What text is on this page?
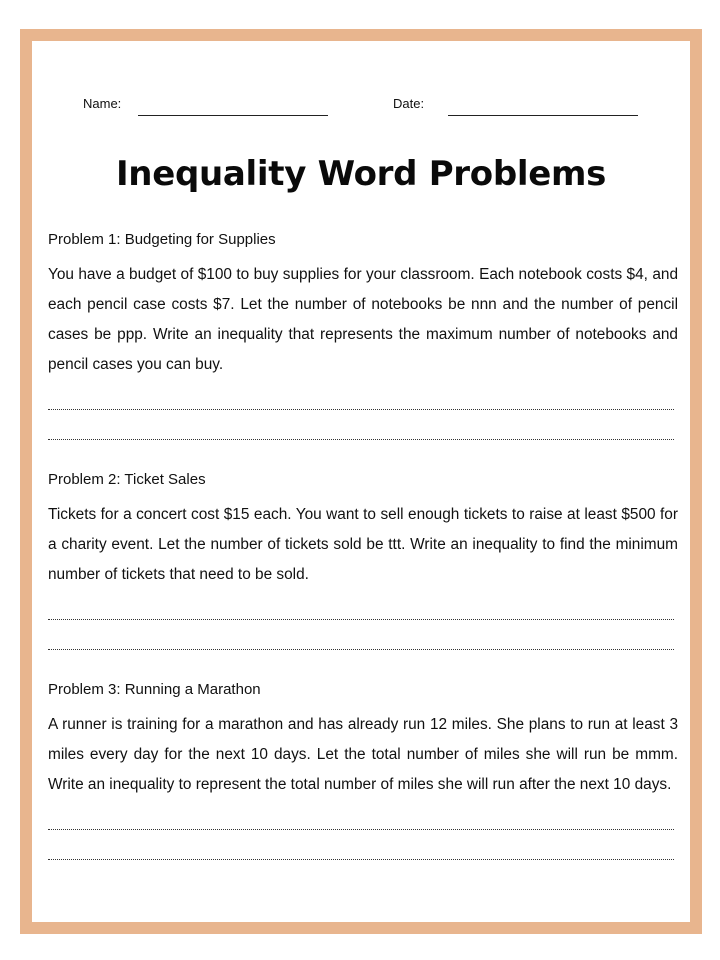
Name:	Date:
Inequality Word Problems
Problem 1: Budgeting for Supplies

You have a budget of $100 to buy supplies for your classroom. Each notebook costs $4, and each pencil case costs $7. Let the number of notebooks be nnn and the number of pencil cases be ppp. Write an inequality that represents the maximum number of notebooks and pencil cases you can buy.

Problem 2: Ticket Sales

Tickets for a concert cost $15 each. You want to sell enough tickets to raise at least $500 for a charity event. Let the number of tickets sold be ttt. Write an inequality to find the minimum number of tickets that need to be sold.

Problem 3: Running a Marathon

A runner is training for a marathon and has already run 12 miles. She plans to run at least 3 miles every day for the next 10 days. Let the total number of miles she will run be mmm. Write an inequality to represent the total number of miles she will run after the next 10 days.
